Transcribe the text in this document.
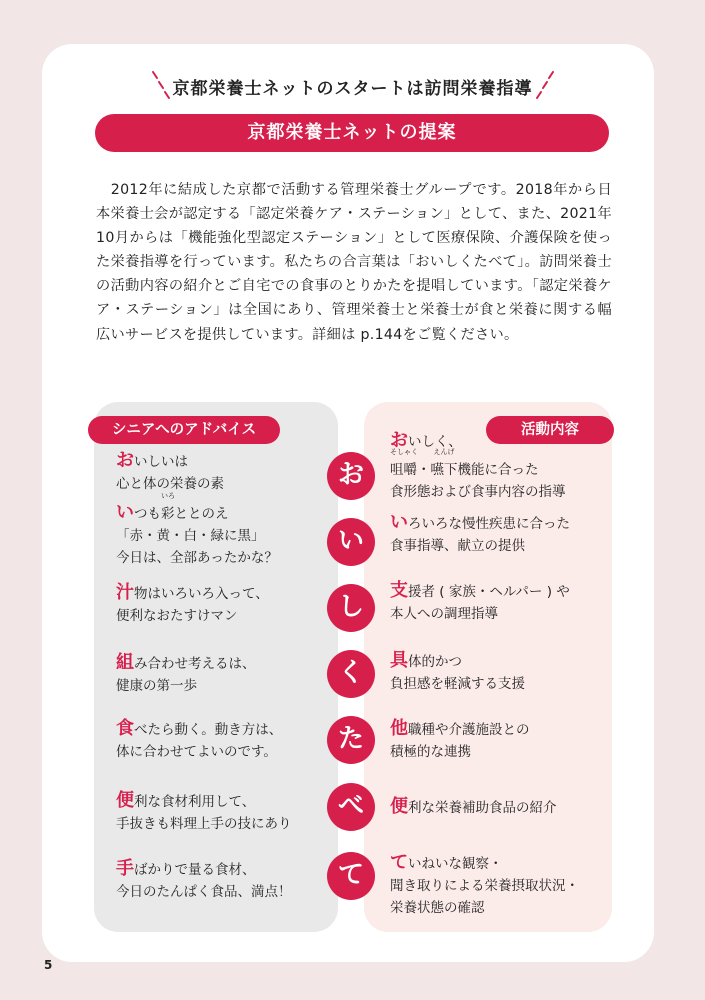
京都栄養士ネットのスタートは訪問栄養指導
京都栄養士ネットの提案

　2012年に結成した京都で活動する管理栄養士グループです。2018年から日本栄養士会が認定する「認定栄養ケア・ステーション」として、また、2021年10月からは「機能強化型認定ステーション」として医療保険、介護保険を使った栄養指導を行っています。私たちの合言葉は「おいしくたべて」。訪問栄養士の活動内容の紹介とご自宅での食事のとりかたを提唱しています。「認定栄養ケア・ステーション」は全国にあり、管理栄養士と栄養士が食と栄養に関する幅広いサービスを提供しています。詳細は p.144をご覧ください。

シニアへのアドバイス	活動内容
お
い
し
く
た
べ
て
おいしいは
心と体の栄養の素
いつも
いろ
彩ととのえ
「赤・黄・白・緑に黒」
今日は、全部あったかな？
汁物はいろいろ入って、
便利なおたすけマン
組み合わせ考えるは、
健康の第一歩
食べたら動く。動き方は、
体に合わせてよいのです。
便利な食材利用して、
手抜きも料理上手の技にあり
手ばかりで量る食材、
今日のたんぱく食品、満点！
おいしく、
そしゃく
咀嚼・
えんげ
嚥下機能に合った
食形態および食事内容の指導
いろいろな慢性疾患に合った
食事指導、献立の提供
支援者 ( 家族・ヘルパー ) や
本人への調理指導
具体的かつ
負担感を軽減する支援
他職種や介護施設との
積極的な連携
便利な栄養補助食品の紹介
ていねいな観察・
聞き取りによる栄養摂取状況・
栄養状態の確認
5
